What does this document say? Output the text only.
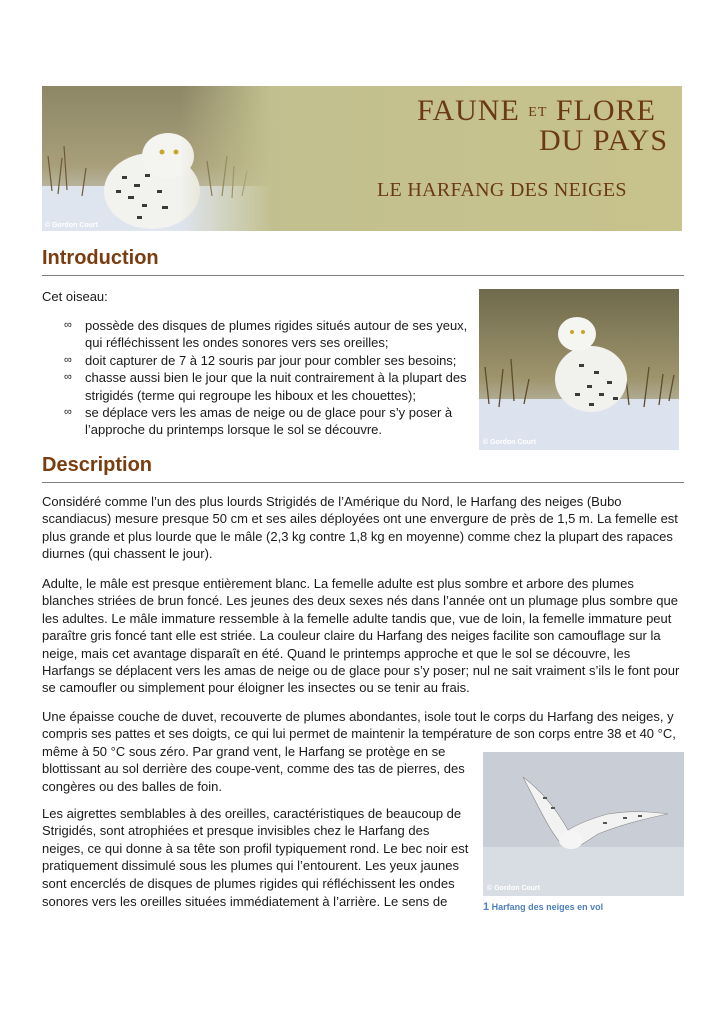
© Gordon Court
FAUNE ET FLORE
DU PAYS
LE HARFANG DES NEIGES
Introduction
Cet oiseau:
∞ possède des disques de plumes rigides situés autour de ses yeux, qui réfléchissent les ondes sonores vers ses oreilles;
∞ doit capturer de 7 à 12 souris par jour pour combler ses besoins;
∞ chasse aussi bien le jour que la nuit contrairement à la plupart des strigidés (terme qui regroupe les hiboux et les chouettes);
∞ se déplace vers les amas de neige ou de glace pour s’y poser à l’approche du printemps lorsque le sol se découvre.
© Gordon Court
Description
Considéré comme l’un des plus lourds Strigidés de l’Amérique du Nord, le Harfang des neiges (Bubo scandiacus) mesure presque 50 cm et ses ailes déployées ont une envergure de près de 1,5 m. La femelle est plus grande et plus lourde que le mâle (2,3 kg contre 1,8 kg en moyenne) comme chez la plupart des rapaces diurnes (qui chassent le jour).
Adulte, le mâle est presque entièrement blanc. La femelle adulte est plus sombre et arbore des plumes blanches striées de brun foncé. Les jeunes des deux sexes nés dans l’année ont un plumage plus sombre que les adultes. Le mâle immature ressemble à la femelle adulte tandis que, vue de loin, la femelle immature peut paraître gris foncé tant elle est striée. La couleur claire du Harfang des neiges facilite son camouflage sur la neige, mais cet avantage disparaît en été. Quand le printemps approche et que le sol se découvre, les Harfangs se déplacent vers les amas de neige ou de glace pour s’y poser; nul ne sait vraiment s’ils le font pour se camoufler ou simplement pour éloigner les insectes ou se tenir au frais.
Une épaisse couche de duvet, recouverte de plumes abondantes, isole tout le corps du Harfang des neiges, y compris ses pattes et ses doigts, ce qui lui permet de maintenir la température de son corps entre 38 et 40 °C,
même à 50 °C sous zéro. Par grand vent, le Harfang se protège en se blottissant au sol derrière des coupe-vent, comme des tas de pierres, des congères ou des balles de foin.
Les aigrettes semblables à des oreilles, caractéristiques de beaucoup de Strigidés, sont atrophiées et presque invisibles chez le Harfang des neiges, ce qui donne à sa tête son profil typiquement rond. Le bec noir est pratiquement dissimulé sous les plumes qui l’entourent. Les yeux jaunes sont encerclés de disques de plumes rigides qui réfléchissent les ondes
sonores vers les oreilles situées immédiatement à l’arrière. Le sens de
© Gordon Court
1 Harfang des neiges en vol
